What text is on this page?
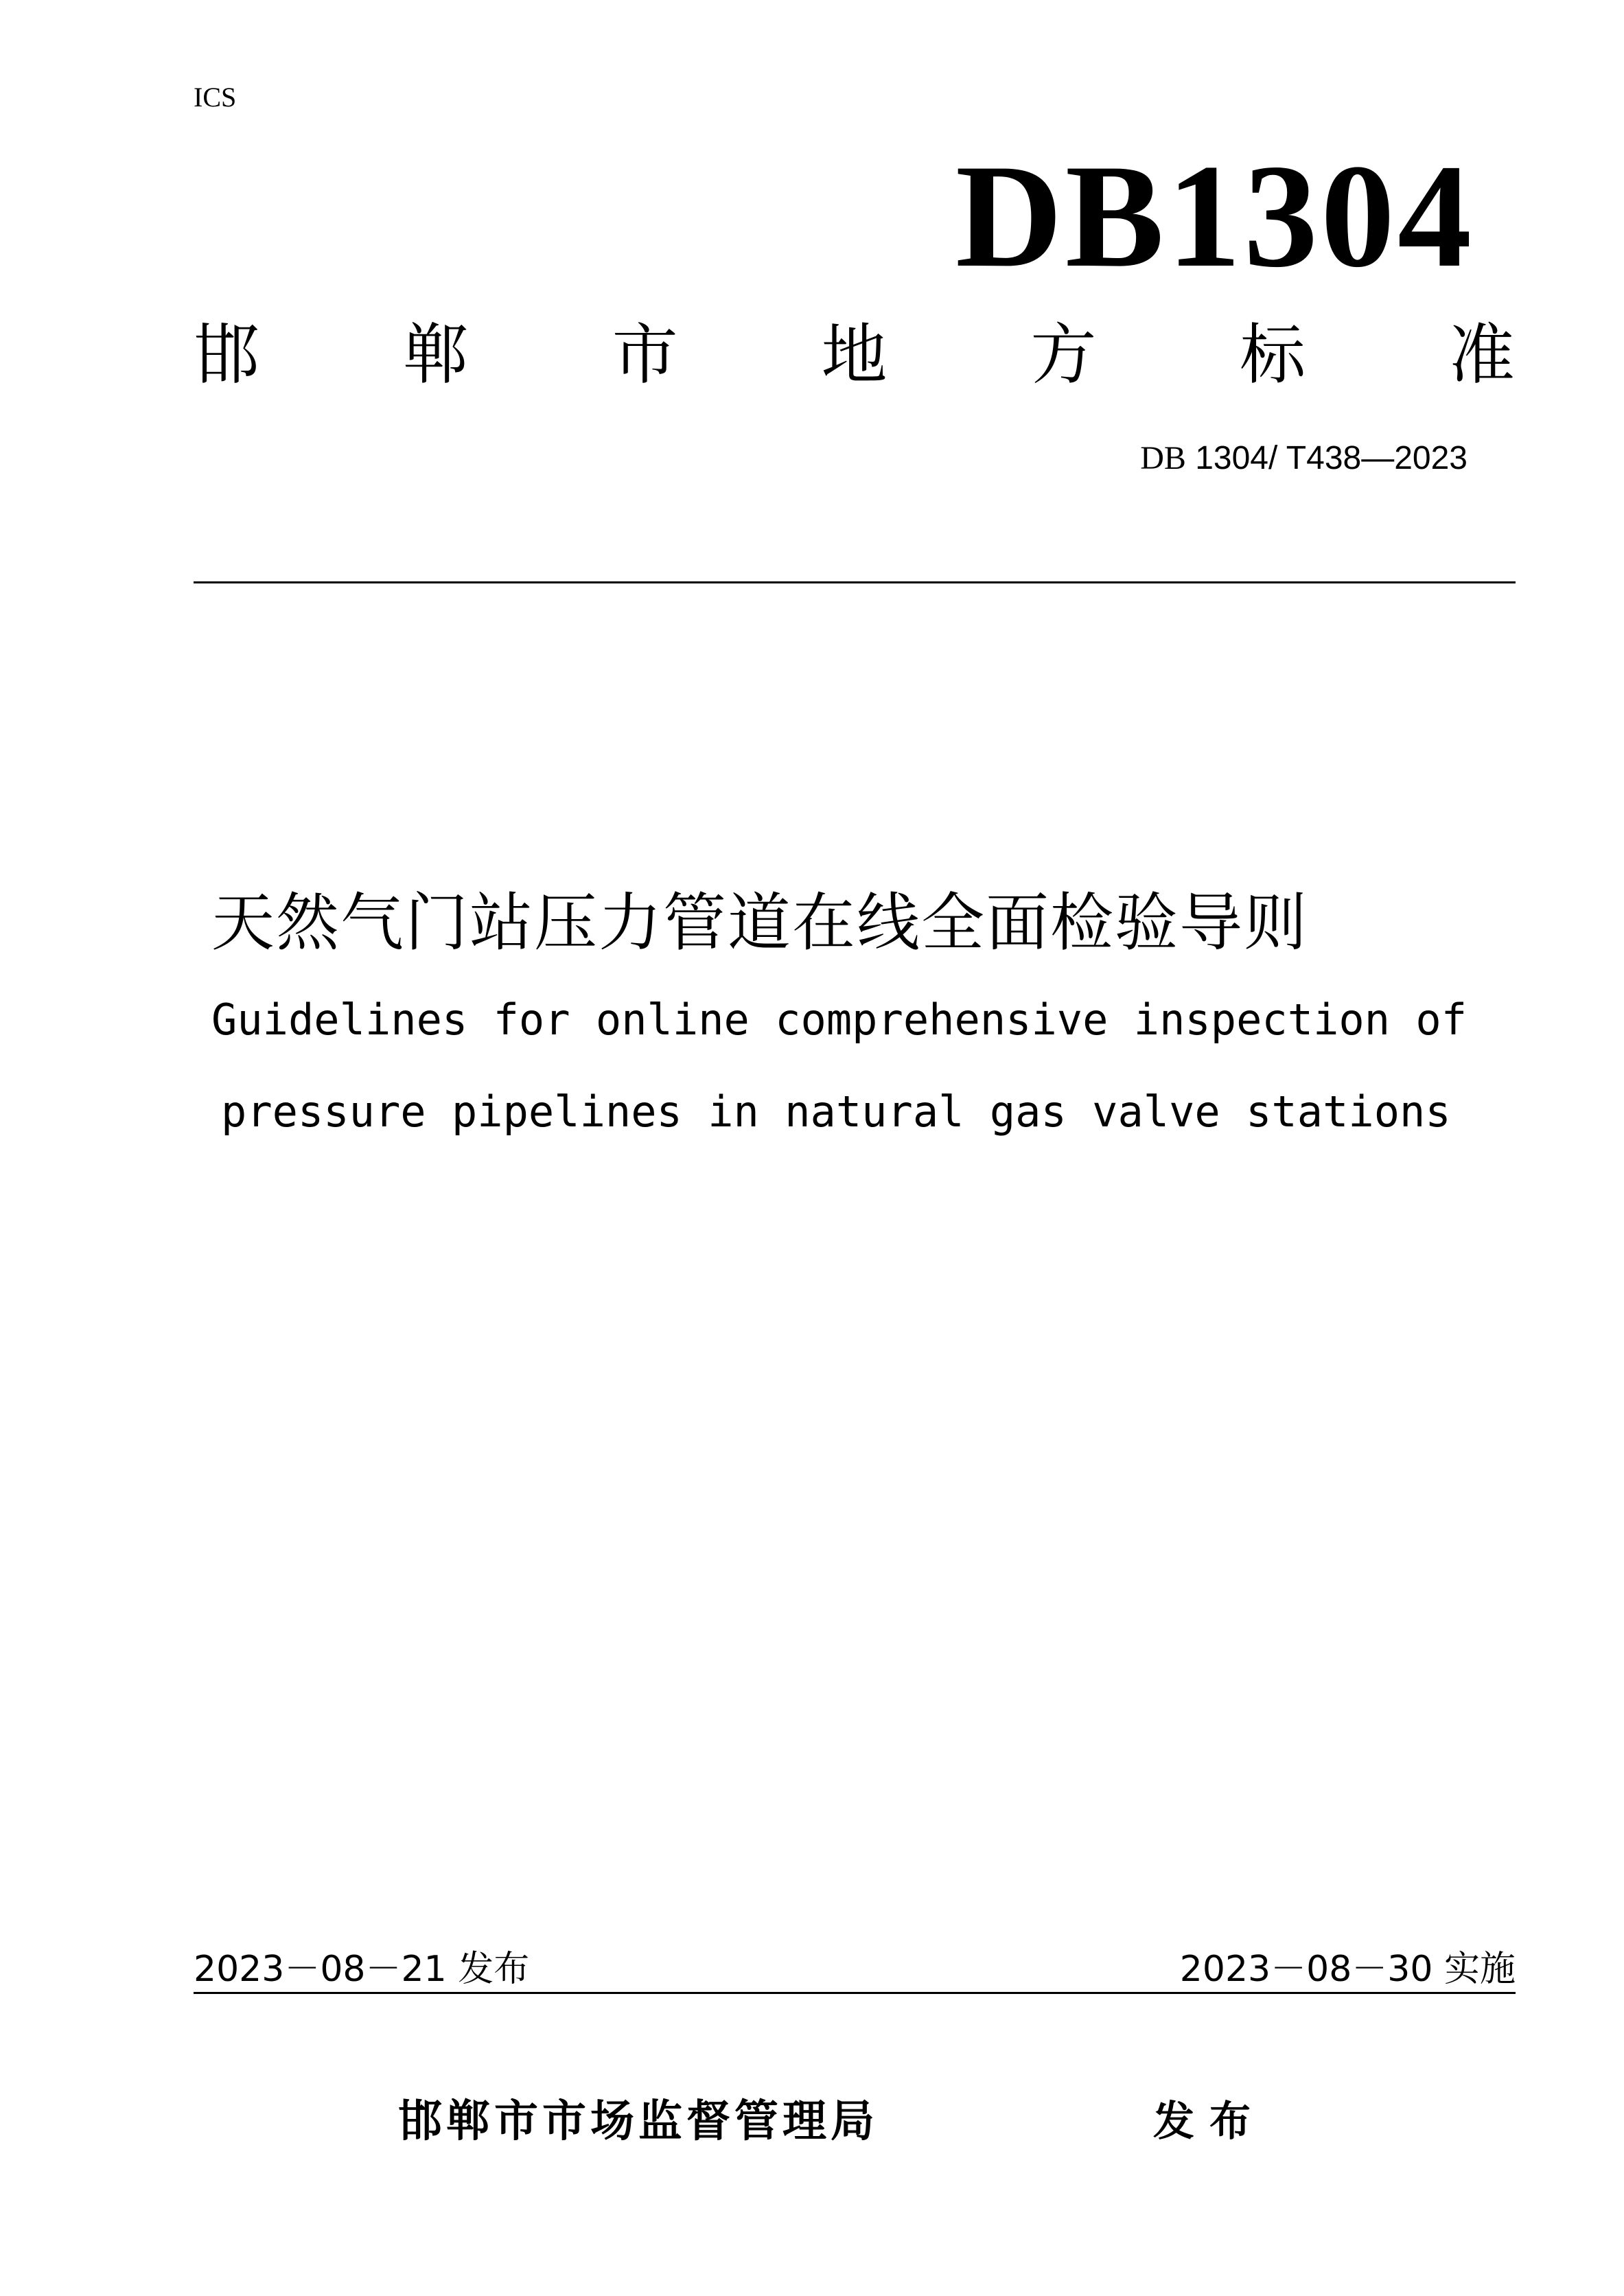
ICS
DB1304
邯 郸 市 地 方 标 准
DB 1304/ T438—2023
天然气门站压力管道在线全面检验导则
Guidelines for online comprehensive inspection of
pressure pipelines in natural gas valve stations
2023－08－21 发布	2023－08－30 实施
邯郸市市场监督管理局	发布
